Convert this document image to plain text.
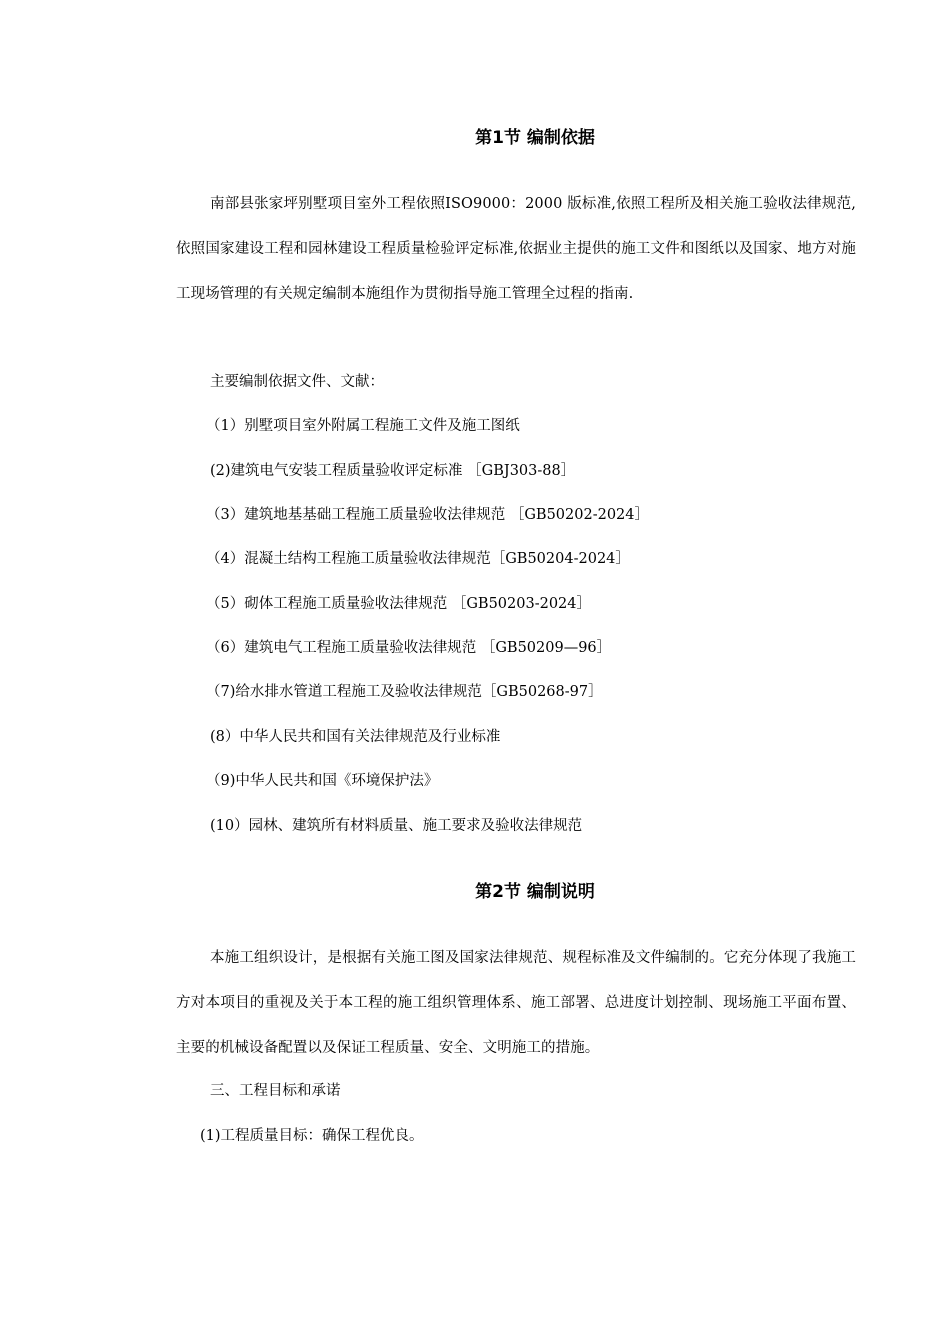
第1节 编制依据

南部县张家坪别墅项目室外工程依照ISO9000：2000 版标准,依照工程所及相关施工验收法律规范,依照国家建设工程和园林建设工程质量检验评定标准,依据业主提供的施工文件和图纸以及国家、地方对施工现场管理的有关规定编制本施组作为贯彻指导施工管理全过程的指南.

主要编制依据文件、文献：

（1）别墅项目室外附属工程施工文件及施工图纸

(2)建筑电气安装工程质量验收评定标准 ［GBJ303-88］

（3）建筑地基基础工程施工质量验收法律规范 ［GB50202-2024］

（4）混凝土结构工程施工质量验收法律规范［GB50204-2024］

（5）砌体工程施工质量验收法律规范 ［GB50203-2024］

（6）建筑电气工程施工质量验收法律规范 ［GB50209—96］

（7)给水排水管道工程施工及验收法律规范［GB50268-97］

(8）中华人民共和国有关法律规范及行业标准

（9)中华人民共和国《环境保护法》

(10）园林、建筑所有材料质量、施工要求及验收法律规范

第2节 编制说明

本施工组织设计，是根据有关施工图及国家法律规范、规程标准及文件编制的。它充分体现了我施工方对本项目的重视及关于本工程的施工组织管理体系、施工部署、总进度计划控制、现场施工平面布置、主要的机械设备配置以及保证工程质量、安全、文明施工的措施。

三、工程目标和承诺

(1)工程质量目标：确保工程优良。
